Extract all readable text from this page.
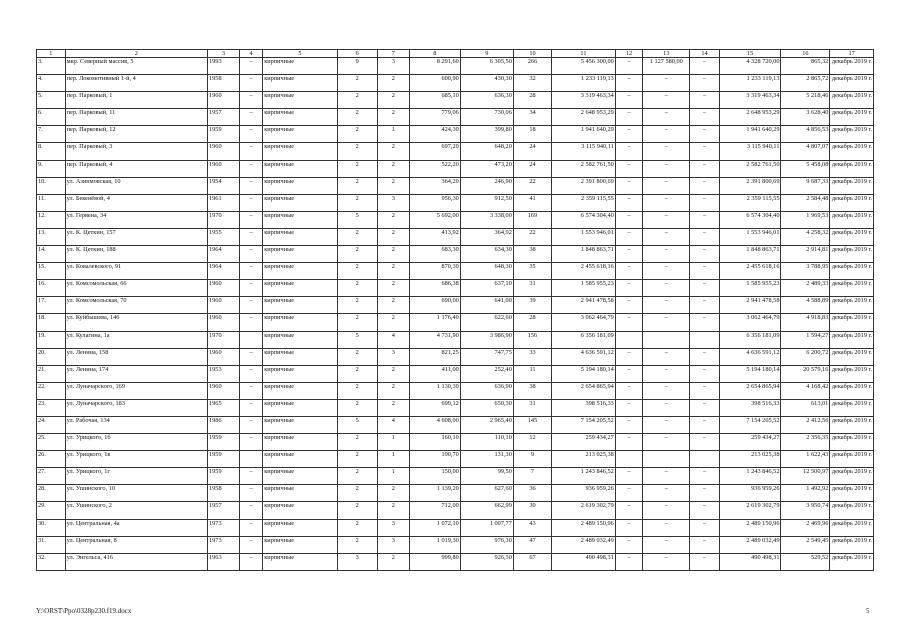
1	2	3	4	5	6	7	8	9	10	11	12	13	14	15	16	17
3.	мкр. Северный массив, 5	1993	–	кирпичные	9	3	8 291,60	6 305,50	266	5 456 300,00	–	1 127 580,00	–	4 328 720,00	865,32	декабрь 2019 г.
4.	пер. Локомотивный 1-й, 4	1958	–	кирпичные	2	2	600,90	430,30	32	1 233 119,13	–	–	–	1 233 119,13	2 865,72	декабрь 2019 г.
5.	пер. Парковый, 1	1960	–	кирпичные	2	2	685,10	636,30	28	3 319 463,34	–	–	–	3 319 463,34	5 218,46	декабрь 2019 г.
6.	пер. Парковый, 11	1957	–	кирпичные	2	2	779,06	730,06	34	2 648 953,29	–	–	–	2 648 953,29	3 628,40	декабрь 2019 г.
7.	пер. Парковый, 12	1959	–	кирпичные	2	1	424,30	399,80	18	1 941 640,29	–	–	–	1 941 640,29	4 856,53	декабрь 2019 г.
8.	пер. Парковый, 3	1960	–	кирпичные	2	2	697,20	648,20	24	3 115 940,11	–	–	–	3 115 940,11	4 807,07	декабрь 2019 г.
9.	пер. Парковый, 4	1960	–	кирпичные	2	2	522,20	473,20	24	2 582 761,50	–	–	–	2 582 761,50	5 458,08	декабрь 2019 г.
10.	ул. Азинмовская, 10	1954	–	кирпичные	2	2	364,20	246,90	22	2 391 800,69	–	–	–	2 391 800,69	9 687,33	декабрь 2019 г.
11.	ул. Бекенёвой, 4	1961	–	кирпичные	2	3	956,30	912,50	41	2 359 115,55	–	–	–	2 359 115,55	2 584,48	декабрь 2019 г.
12.	ул. Гервена, 34	1970	–	кирпичные	5	2	5 692,00	3 338,00	169	6 574 304,40	–	–	–	6 574 304,40	1 969,53	декабрь 2019 г.
13.	ул. К. Цеткин, 157	1955	–	кирпичные	2	2	413,92	364,92	22	1 553 946,01	–	–	–	1 553 946,01	4 258,32	декабрь 2019 г.
14.	ул. К. Цеткин, 188	1964	–	кирпичные	2	2	683,30	634,30	38	1 848 863,71	–	–	–	1 848 863,71	2 914,81	декабрь 2019 г.
15.	ул. Ковалевского, 91	1964	–	кирпичные	2	2	870,30	648,30	35	2 455 618,16	–	–	–	2 455 618,16	3 788,95	декабрь 2019 г.
16.	ул. Комсомольская, 66	1960	–	кирпичные	2	2	686,38	637,10	31	1 585 955,23	–	–	–	1 585 955,23	2 489,33	декабрь 2019 г.
17.	ул. Комсомольская, 70	1960	–	кирпичные	2	2	690,00	641,00	39	2 941 478,58	–	–	–	2 941 478,58	4 588,89	декабрь 2019 г.
18.	ул. Куйбышева, 146	1960	–	кирпичные	2	2	1 176,40	622,60	28	3 062 464,79	–	–	–	3 062 464,79	4 918,83	декабрь 2019 г.
19.	ул. Кулагина, 1а	1970		кирпичные	5	4	4 731,90	3 986,90	156	6 356 181,09				6 356 181,09	1 594,27	декабрь 2019 г.
20.	ул. Ленина, 158	1960	–	кирпичные	2	3	821,25	747,75	33	4 636 591,12	–	–	–	4 636 591,12	6 200,72	декабрь 2019 г.
21.	ул. Ленина, 174	1953	–	кирпичные	2	2	411,00	252,40	11	5 194 180,14	–	–	–	5 194 180,14	20 579,16	декабрь 2019 г.
22.	ул. Луначарского, 169	1960	–	кирпичные	2	2	1 130,30	636,90	38	2 654 865,94	–	–	–	2 654 865,94	4 168,42	декабрь 2019 г.
23.	ул. Луначарского, 183	1965	–	кирпичные	2	2	699,12	650,30	31	398 516,33	–	–	–	398 516,33	613,01	декабрь 2019 г.
24.	ул. Рабочая, 134	1986	–	кирпичные	5	4	4 608,00	2 965,40	145	7 154 205,52	–	–	–	7 154 205,52	2 412,56	декабрь 2019 г.
25.	ул. Урицкого, 1б	1959	–	кирпичные	2	1	160,10	110,10	12	259 434,27	–	–	–	259 434,27	2 356,35	декабрь 2019 г.
26.	ул. Урицкого, 1в	1959		кирпичные	2	1	190,70	131,30	9	213 025,38				213 025,38	1 622,43	декабрь 2019 г.
27.	ул. Урицкого, 1г	1959	–	кирпичные	2	1	150,00	99,50	7	1 243 846,52	–	–	–	1 243 846,52	12 500,97	декабрь 2019 г.
28.	ул. Ушинского, 10	1958	–	кирпичные	2	2	1 139,20	627,60	36	936 959,26	–	–	–	936 959,26	1 492,92	декабрь 2019 г.
29.	ул. Ушинского, 2	1957	–	кирпичные	2	2	712,00	662,99	30	2 619 302,79	–	–	–	2 619 302,79	3 950,74	декабрь 2019 г.
30.	ул. Центральная, 4а	1973	–	кирпичные	2	3	1 072,10	1 007,77	43	2 489 150,96	–	–	–	2 489 150,96	2 469,96	декабрь 2019 г.
31.	ул. Центральная, 8	1973	–	кирпичные	2	3	1 019,30	976,30	47	2 489 032,49	–	–	–	2 489 032,49	2 549,45	декабрь 2019 г.
32.	ул. Энгельса, 416	1963	–	кирпичные	3	2	999,80	926,30	67	490 498,31	–	–	–	490 498,31	529,52	декабрь 2019 г.
Y:\ORST\Ppo\0328p230.f19.docx	5
